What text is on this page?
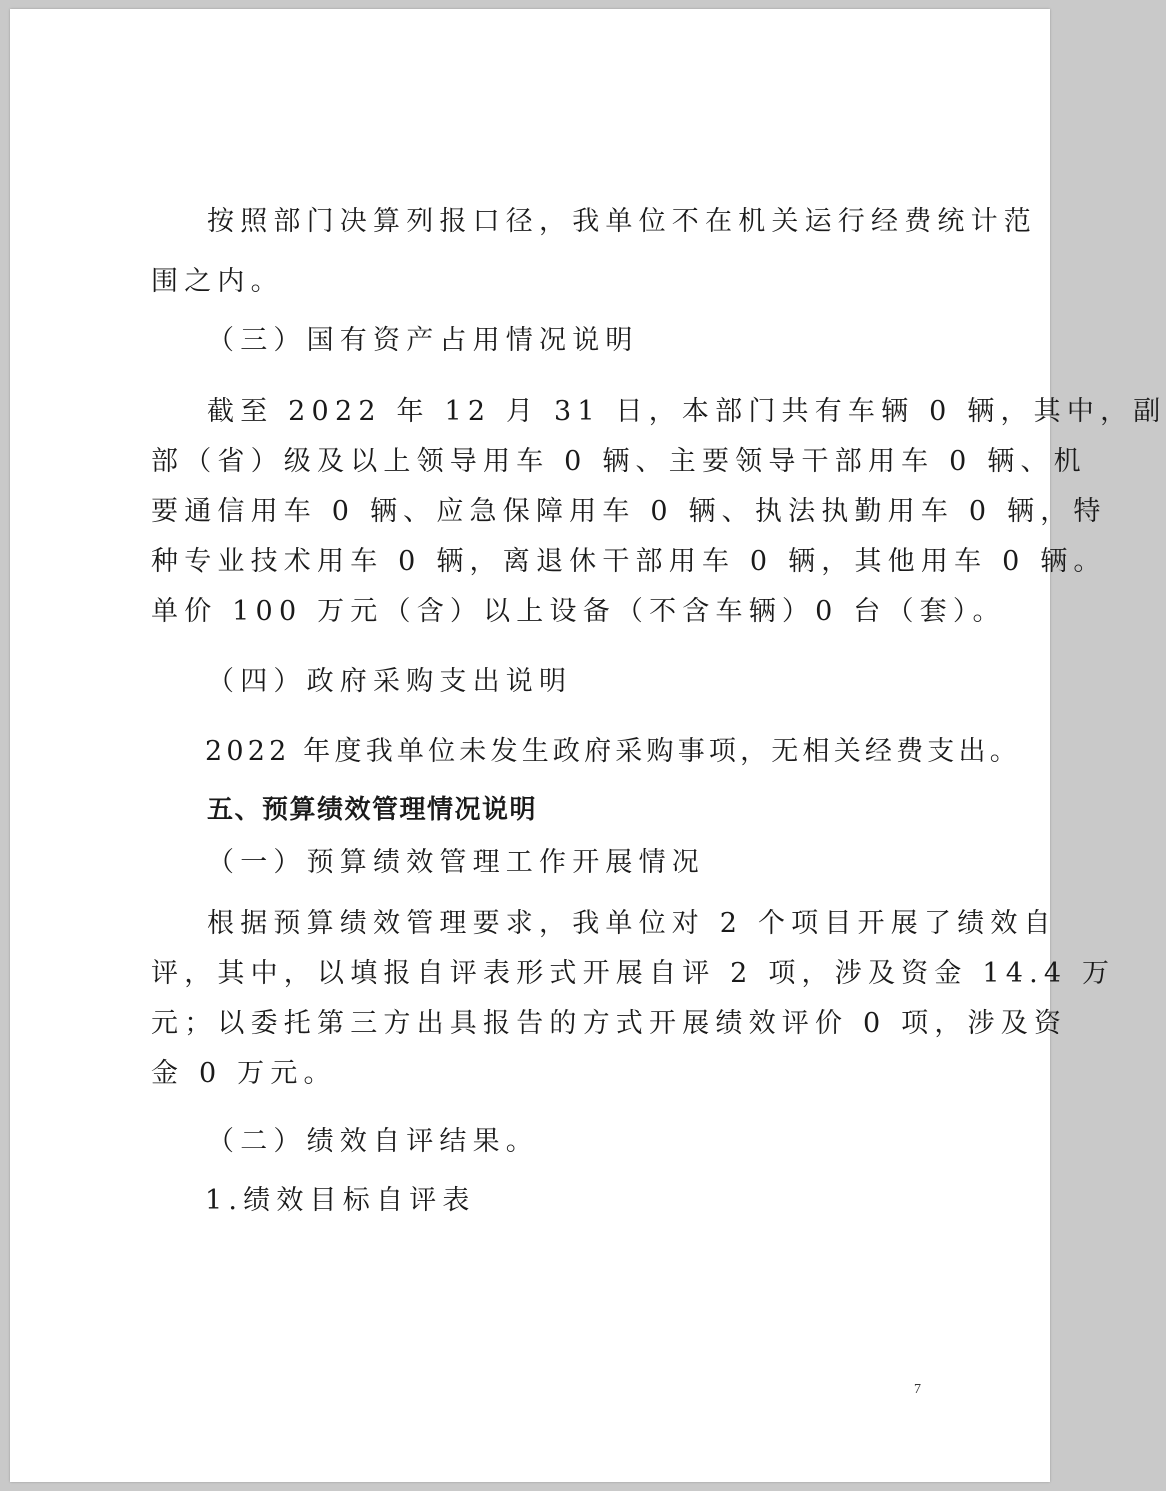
按照部门决算列报口径，我单位不在机关运行经费统计范
围之内。
（三）国有资产占用情况说明
截至 2022 年 12 月 31 日，本部门共有车辆 0 辆，其中，副
部（省）级及以上领导用车 0 辆、主要领导干部用车 0 辆、机
要通信用车 0 辆、应急保障用车 0 辆、执法执勤用车 0 辆，特
种专业技术用车 0 辆，离退休干部用车 0 辆，其他用车 0 辆。
单价 100 万元（含）以上设备（不含车辆）0 台（套）。
（四）政府采购支出说明
2022 年度我单位未发生政府采购事项，无相关经费支出。
五、预算绩效管理情况说明
（一）预算绩效管理工作开展情况
根据预算绩效管理要求，我单位对 2 个项目开展了绩效自
评，其中，以填报自评表形式开展自评 2 项，涉及资金 14.4 万
元；以委托第三方出具报告的方式开展绩效评价 0 项，涉及资
金 0 万元。
（二）绩效自评结果。
1.绩效目标自评表
7
